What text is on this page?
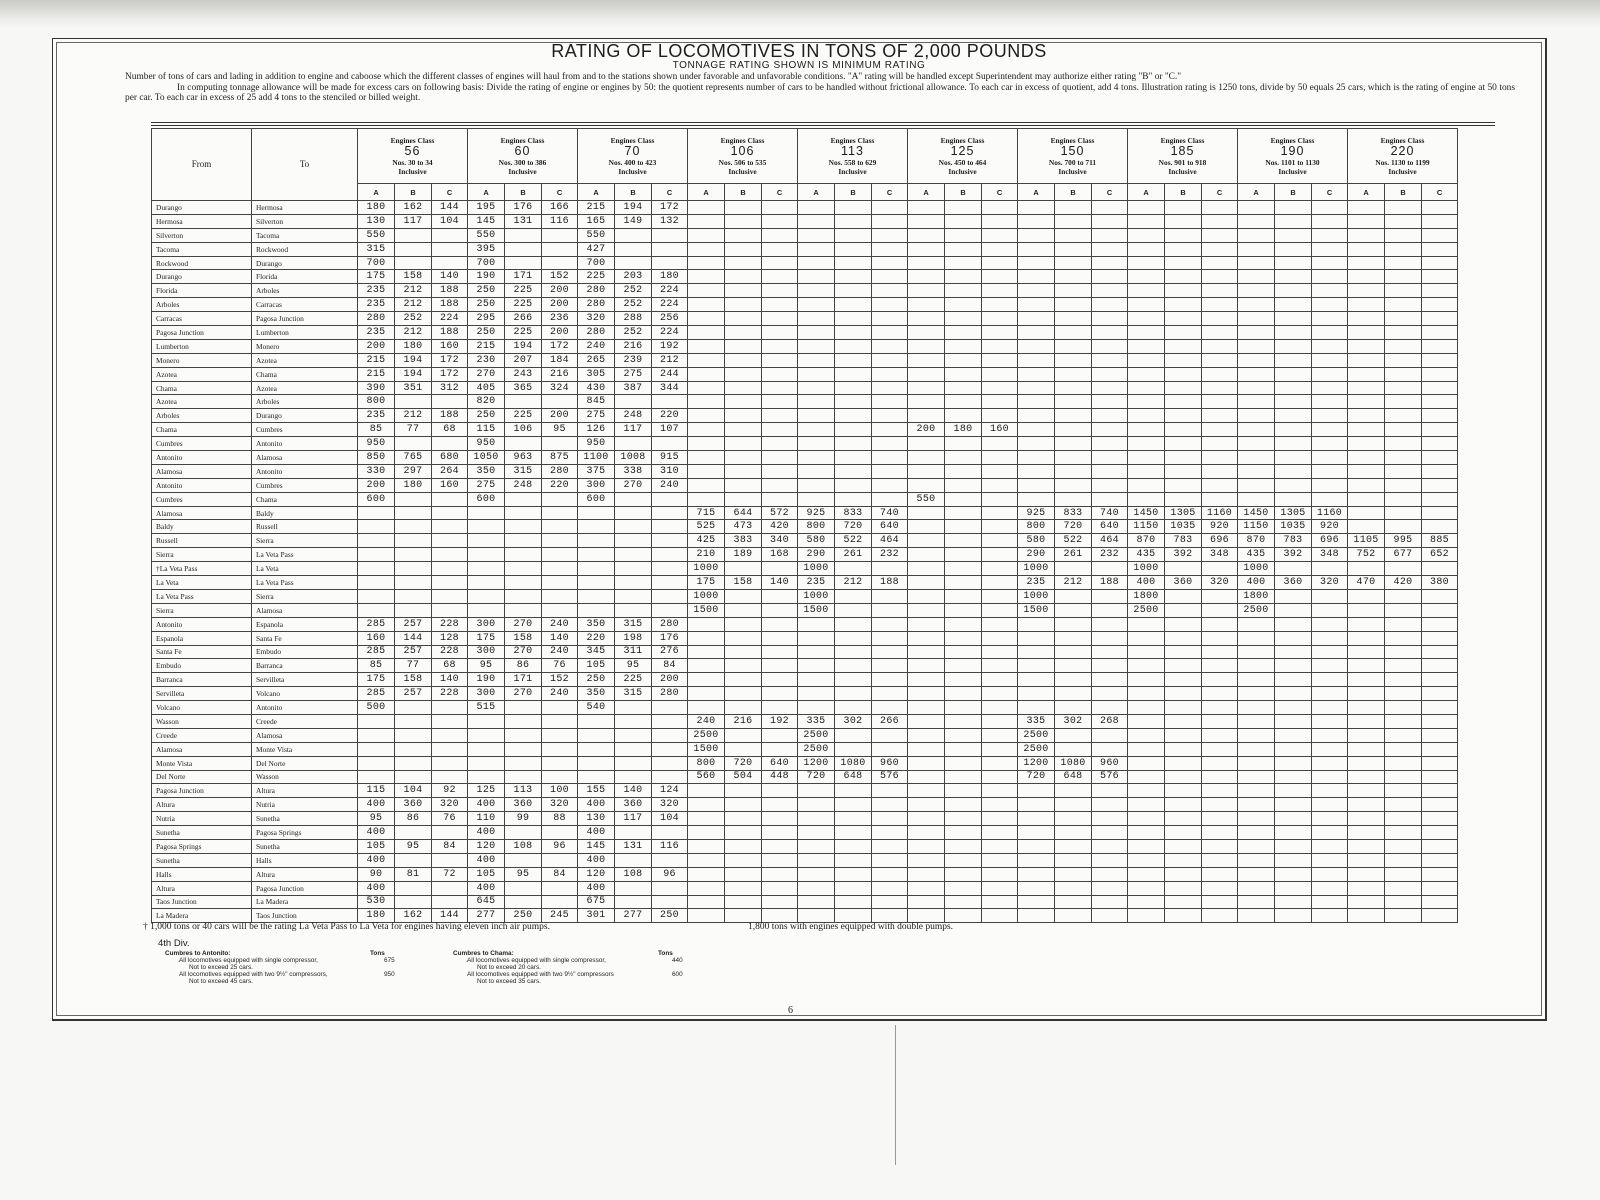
RATING OF LOCOMOTIVES IN TONS OF 2,000 POUNDS
TONNAGE RATING SHOWN IS MINIMUM RATING

Number of tons of cars and lading in addition to engine and caboose which the different classes of engines will haul from and to the stations shown under favorable and unfavorable conditions. "A" rating will be handled except Superintendent may authorize either rating "B" or "C."

In computing tonnage allowance will be made for excess cars on following basis: Divide the rating of engine or engines by 50: the quotient represents number of cars to be handled without frictional allowance. To each car in excess of quotient, add 4 tons. Illustration rating is 1250 tons, divide by 50 equals 25 cars, which is the rating of engine at 50 tons per car. To each car in excess of 25 add 4 tons to the stenciled or billed weight.

From	To	Engines Class
56
Nos. 30 to 34
Inclusive			Engines Class
60
Nos. 300 to 386
Inclusive			Engines Class
70
Nos. 400 to 423
Inclusive			Engines Class
106
Nos. 506 to 535
Inclusive			Engines Class
113
Nos. 558 to 629
Inclusive			Engines Class
125
Nos. 450 to 464
Inclusive			Engines Class
150
Nos. 700 to 711
Inclusive			Engines Class
185
Nos. 901 to 918
Inclusive			Engines Class
190
Nos. 1101 to 1130
Inclusive			Engines Class
220
Nos. 1130 to 1199
Inclusive		

		A	B	C	A	B	C	A	B	C	A	B	C	A	B	C	A	B	C	A	B	C	A	B	C	A	B	C	A	B	C
Durango	Hermosa	180	162	144	195	176	166	215	194	172																					
Hermosa	Silverton	130	117	104	145	131	116	165	149	132																					
Silverton	Tacoma	550			550			550																							
Tacoma	Rockwood	315			395			427																							
Rockwood	Durango	700			700			700																							
Durango	Florida	175	158	140	190	171	152	225	203	180																					
Florida	Arboles	235	212	188	250	225	200	280	252	224																					
Arboles	Carracas	235	212	188	250	225	200	280	252	224																					
Carracas	Pagosa Junction	280	252	224	295	266	236	320	288	256																					
Pagosa Junction	Lumberton	235	212	188	250	225	200	280	252	224																					
Lumberton	Monero	200	180	160	215	194	172	240	216	192																					
Monero	Azotea	215	194	172	230	207	184	265	239	212																					
Azotea	Chama	215	194	172	270	243	216	305	275	244																					
Chama	Azotea	390	351	312	405	365	324	430	387	344																					
Azotea	Arboles	800			820			845																							
Arboles	Durango	235	212	188	250	225	200	275	248	220																					
Chama	Cumbres	85	77	68	115	106	95	126	117	107							200	180	160												
Cumbres	Antonito	950			950			950																							
Antonito	Alamosa	850	765	680	1050	963	875	1100	1008	915																					
Alamosa	Antonito	330	297	264	350	315	280	375	338	310																					
Antonito	Cumbres	200	180	160	275	248	220	300	270	240																					
Cumbres	Chama	600			600			600									550														
Alamosa	Baldy										715	644	572	925	833	740				925	833	740	1450	1305	1160	1450	1305	1160			
Baldy	Russell										525	473	420	800	720	640				800	720	640	1150	1035	920	1150	1035	920			
Russell	Sierra										425	383	340	580	522	464				580	522	464	870	783	696	870	783	696	1105	995	885
Sierra	La Veta Pass										210	189	168	290	261	232				290	261	232	435	392	348	435	392	348	752	677	652
†La Veta Pass	La Veta										1000			1000						1000			1000			1000					
La Veta	La Veta Pass										175	158	140	235	212	188				235	212	188	400	360	320	400	360	320	470	420	380
La Veta Pass	Sierra										1000			1000						1000			1800			1800					
Sierra	Alamosa										1500			1500						1500			2500			2500					
Antonito	Espanola	285	257	228	300	270	240	350	315	280																					
Espanola	Santa Fe	160	144	128	175	158	140	220	198	176																					
Santa Fe	Embudo	285	257	228	300	270	240	345	311	276																					
Embudo	Barranca	85	77	68	95	86	76	105	95	84																					
Barranca	Servilleta	175	158	140	190	171	152	250	225	200																					
Servilleta	Volcano	285	257	228	300	270	240	350	315	280																					
Volcano	Antonito	500			515			540																							
Wasson	Creede										240	216	192	335	302	266				335	302	268									
Creede	Alamosa										2500			2500						2500											
Alamosa	Monte Vista										1500			2500						2500											
Monte Vista	Del Norte										800	720	640	1200	1080	960				1200	1080	960									
Del Norte	Wasson										560	504	448	720	648	576				720	648	576									
Pagosa Junction	Altura	115	104	92	125	113	100	155	140	124																					
Altura	Nutria	400	360	320	400	360	320	400	360	320																					
Nutria	Sunetha	95	86	76	110	99	88	130	117	104																					
Sunetha	Pagosa Springs	400			400			400																							
Pagosa Springs	Sunetha	105	95	84	120	108	96	145	131	116																					
Sunetha	Halls	400			400			400																							
Halls	Altura	90	81	72	105	95	84	120	108	96																					
Altura	Pagosa Junction	400			400			400																							
Taos Junction	La Madera	530			645			675																							
La Madera	Taos Junction	180	162	144	277	250	245	301	277	250																					
† 1,000 tons or 40 cars will be the rating La Veta Pass to La Veta for engines having eleven inch air pumps.	1,800 tons with engines equipped with double pumps.
4th Div.
Cumbres to Antonito:	Tons
All locomotives equipped with single compressor,	675
Not to exceed 25 cars.
All locomotives equipped with two 9½" compressors,	950
Not to exceed 45 cars.
Cumbres to Chama:	Tons
All locomotives equipped with single compressor,	440
Not to exceed 20 cars.
All locomotives equipped with two 9½" compressors	600
Not to exceed 35 cars.
6
